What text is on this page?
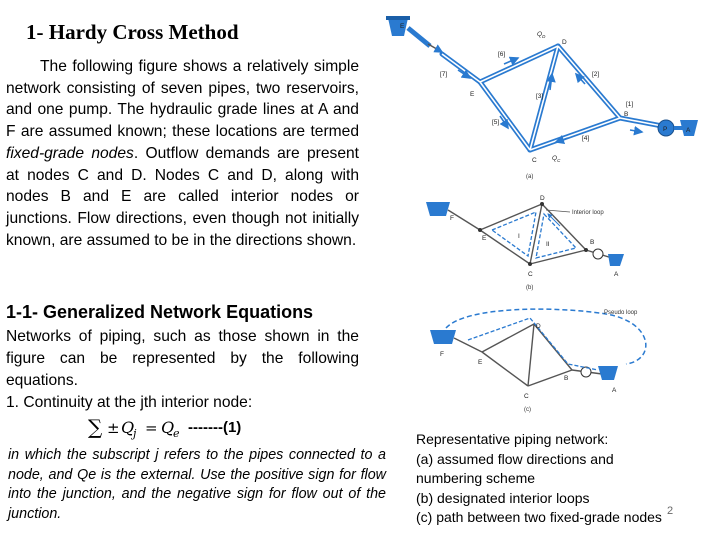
1- Hardy Cross Method
The following figure shows a relatively simple network consisting of seven pipes, two reservoirs, and one pump. The hydraulic grade lines at A and F are assumed known; these locations are termed fixed-grade nodes. Outflow demands are present at nodes C and D. Nodes C and D, along with nodes B and E are called interior nodes or junctions. Flow directions, even though not initially known, are assumed to be in the directions shown.
1-1- Generalized Network Equations
Networks of piping, such as those shown in the figure can be represented by the following equations.
1. Continuity at the jth interior node:
∑ ± Q
j = Q
e -------(1)
in which the subscript j refers to the pipes connected to a node, and Qe is the external. Use the positive sign for flow into the junction, and the negative sign for flow out of the junction.
Representative piping network:
(a) assumed flow directions and
numbering scheme
(b) designated interior loops
(c) path between two fixed-grade nodes 2
E
P	A
D
E
B
C
$Q_D$
$Q_C$
[1]
[2]
[3]
[4]
[5]
[6]
[7]
(a)
Interior loop
I
II
F
D
E
B
C	A
(b)
Pseudo loop
F
D
E
B
C
A
(c)
